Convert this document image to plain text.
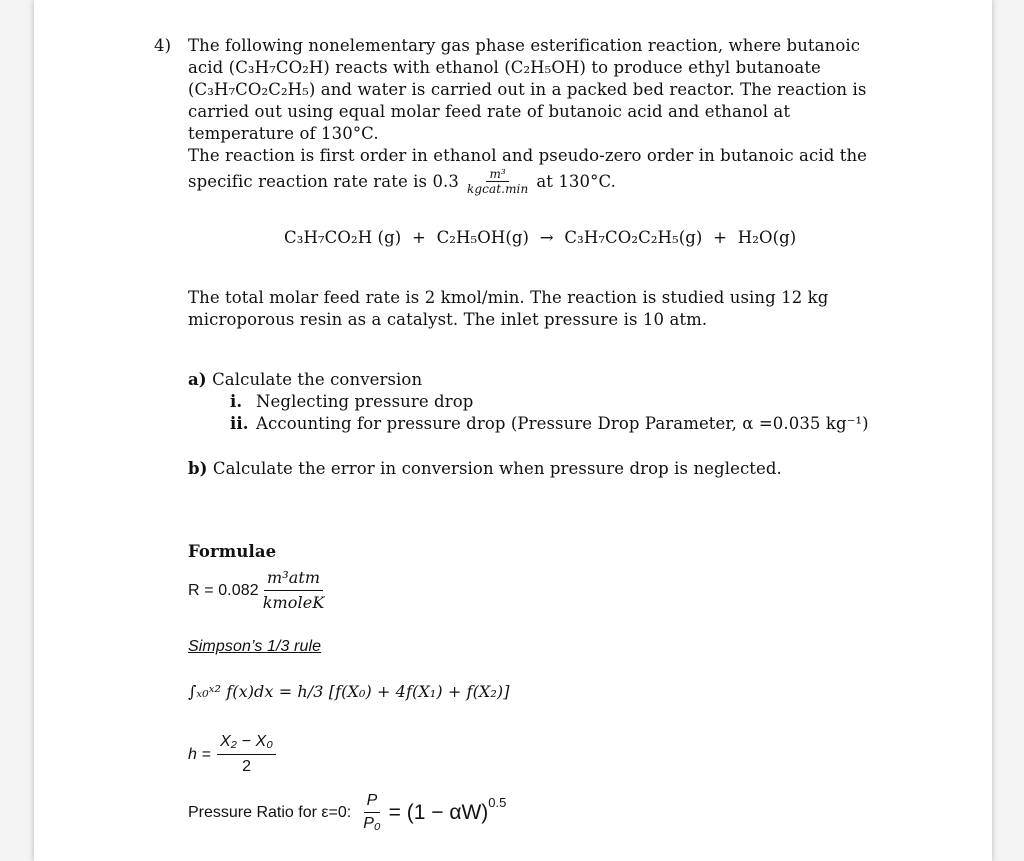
4) The following nonelementary gas phase esterification reaction, where butanoic
acid (C₃H₇CO₂H) reacts with ethanol (C₂H₅OH) to produce ethyl butanoate
(C₃H₇CO₂C₂H₅) and water is carried out in a packed bed reactor. The reaction is
carried out using equal molar feed rate of butanoic acid and ethanol at
temperature of 130°C.
The reaction is first order in ethanol and pseudo-zero order in butanoic acid the
specific reaction rate rate is $0.3 \frac{\text{m³}}{\text{kgcat.min}}$ at 130°C.
C₃H₇CO₂H (g)  +  C₂H₅OH(g)  →  C₃H₇CO₂C₂H₅(g)  +  H₂O(g)
The total molar feed rate is 2 kmol/min. The reaction is studied using 12 kg
microporous resin as a catalyst. The inlet pressure is 10 atm.
a) Calculate the conversion
i. Neglecting pressure drop
ii. Accounting for pressure drop (Pressure Drop Parameter, α =0.035 kg⁻¹)
b) Calculate the error in conversion when pressure drop is neglected.
Formulae
$R = 0.082 \frac{\text{m³atm}}{\text{kmoleK}}$
Simpson’s 1/3 rule
∫ₓ₀ˣ² f(x)dx = h/3 [f(X₀) + 4f(X₁) + f(X₂)]
$h = \frac{\text{X₂ − X₀}}{2}$
Pressure Ratio for ε=0: $\frac{P}{\text{P₀}} = (1 - \alpha W)$ 0.5
